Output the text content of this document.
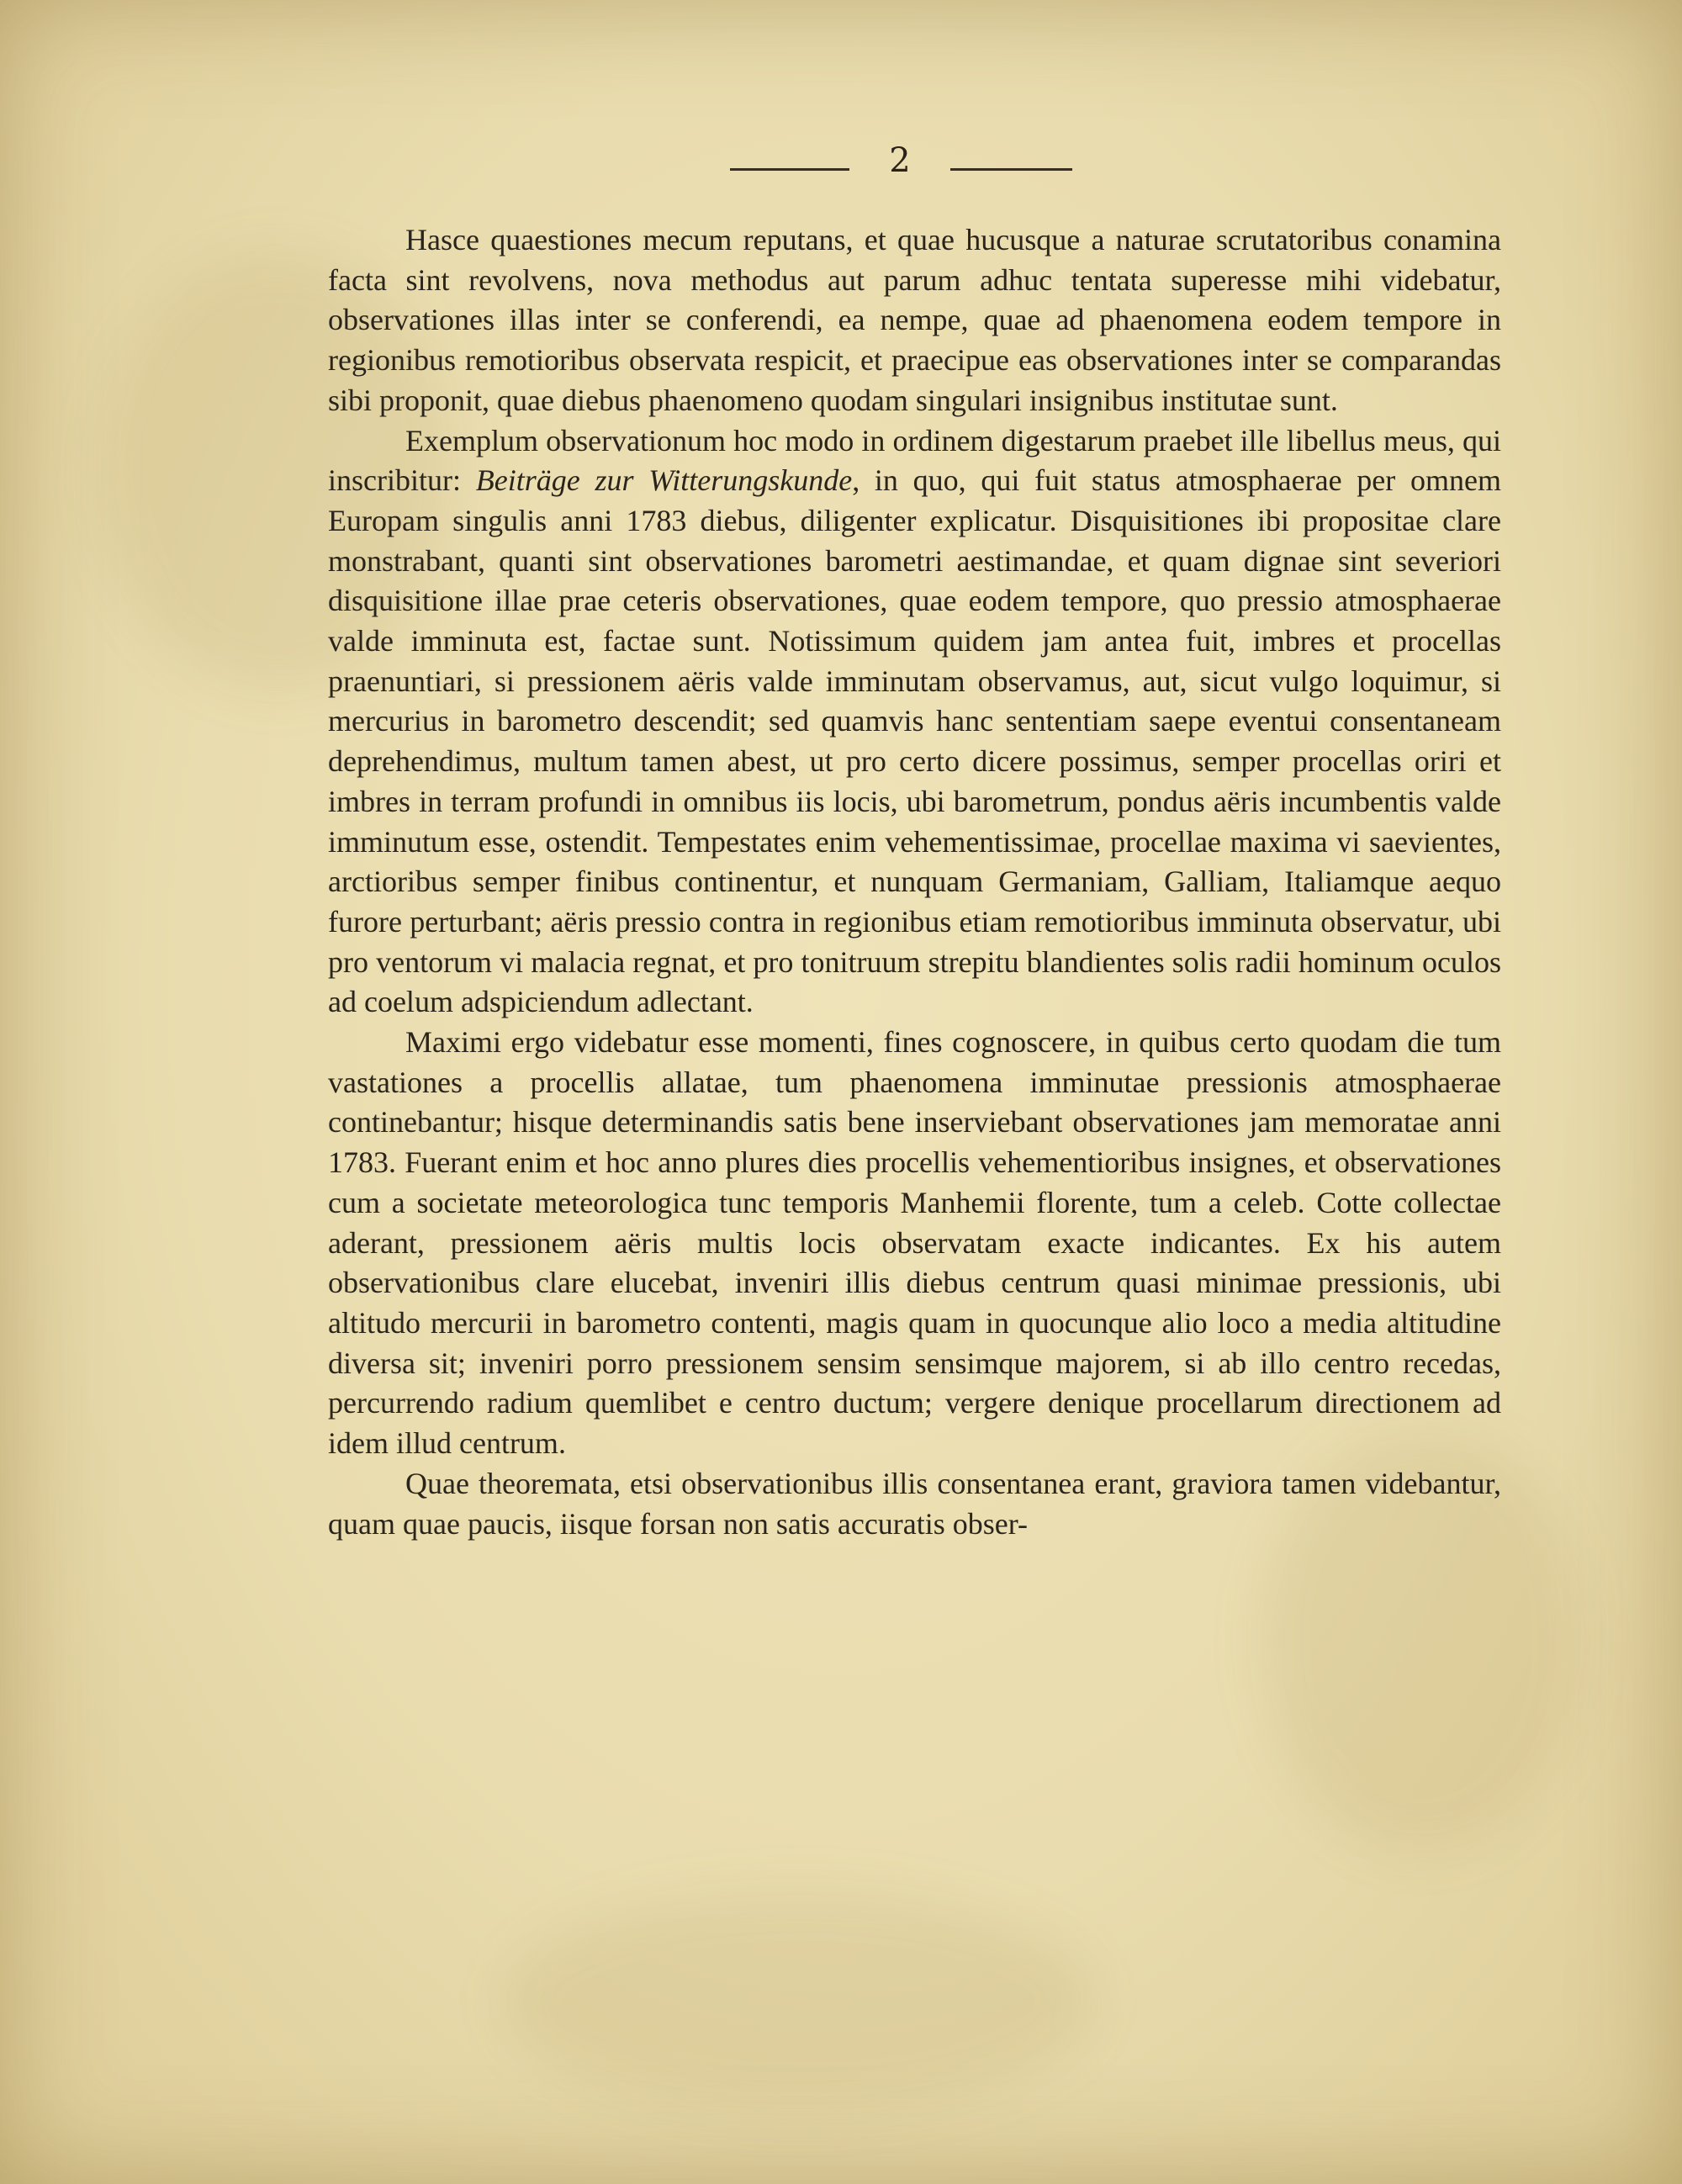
2

Hasce quaestiones mecum reputans, et quae hucusque a naturae scrutatoribus conamina facta sint revolvens, nova methodus aut parum adhuc tentata superesse mihi videbatur, observationes illas inter se conferendi, ea nempe, quae ad phaenomena eodem tempore in regionibus remotioribus observata respicit, et praecipue eas observationes inter se comparandas sibi proponit, quae diebus phaenomeno quodam singulari insignibus institutae sunt.

Exemplum observationum hoc modo in ordinem digestarum praebet ille libellus meus, qui inscribitur: Beiträge zur Witterungskunde, in quo, qui fuit status atmosphaerae per omnem Europam singulis anni 1783 diebus, diligenter explicatur. Disquisitiones ibi propositae clare monstrabant, quanti sint observationes barometri aestimandae, et quam dignae sint severiori disquisitione illae prae ceteris observationes, quae eodem tempore, quo pressio atmosphaerae valde imminuta est, factae sunt. Notissimum quidem jam antea fuit, imbres et procellas praenuntiari, si pressionem aëris valde imminutam observamus, aut, sicut vulgo loquimur, si mercurius in barometro descendit; sed quamvis hanc sententiam saepe eventui consentaneam deprehendimus, multum tamen abest, ut pro certo dicere possimus, semper procellas oriri et imbres in terram profundi in omnibus iis locis, ubi barometrum, pondus aëris incumbentis valde imminutum esse, ostendit. Tempestates enim vehementissimae, procellae maxima vi saevientes, arctioribus semper finibus continentur, et nunquam Germaniam, Galliam, Italiamque aequo furore perturbant; aëris pressio contra in regionibus etiam remotioribus imminuta observatur, ubi pro ventorum vi malacia regnat, et pro tonitruum strepitu blandientes solis radii hominum oculos ad coelum adspiciendum adlectant.

Maximi ergo videbatur esse momenti, fines cognoscere, in quibus certo quodam die tum vastationes a procellis allatae, tum phaenomena imminutae pressionis atmosphaerae continebantur; hisque determinandis satis bene inserviebant observationes jam memoratae anni 1783. Fuerant enim et hoc anno plures dies procellis vehementioribus insignes, et observationes cum a societate meteorologica tunc temporis Manhemii florente, tum a celeb. Cotte collectae aderant, pressionem aëris multis locis observatam exacte indicantes. Ex his autem observationibus clare elucebat, inveniri illis diebus centrum quasi minimae pressionis, ubi altitudo mercurii in barometro contenti, magis quam in quocunque alio loco a media altitudine diversa sit; inveniri porro pressionem sensim sensimque majorem, si ab illo centro recedas, percurrendo radium quemlibet e centro ductum; vergere denique procellarum directionem ad idem illud centrum.

Quae theoremata, etsi observationibus illis consentanea erant, graviora tamen videbantur, quam quae paucis, iisque forsan non satis accuratis obser-
